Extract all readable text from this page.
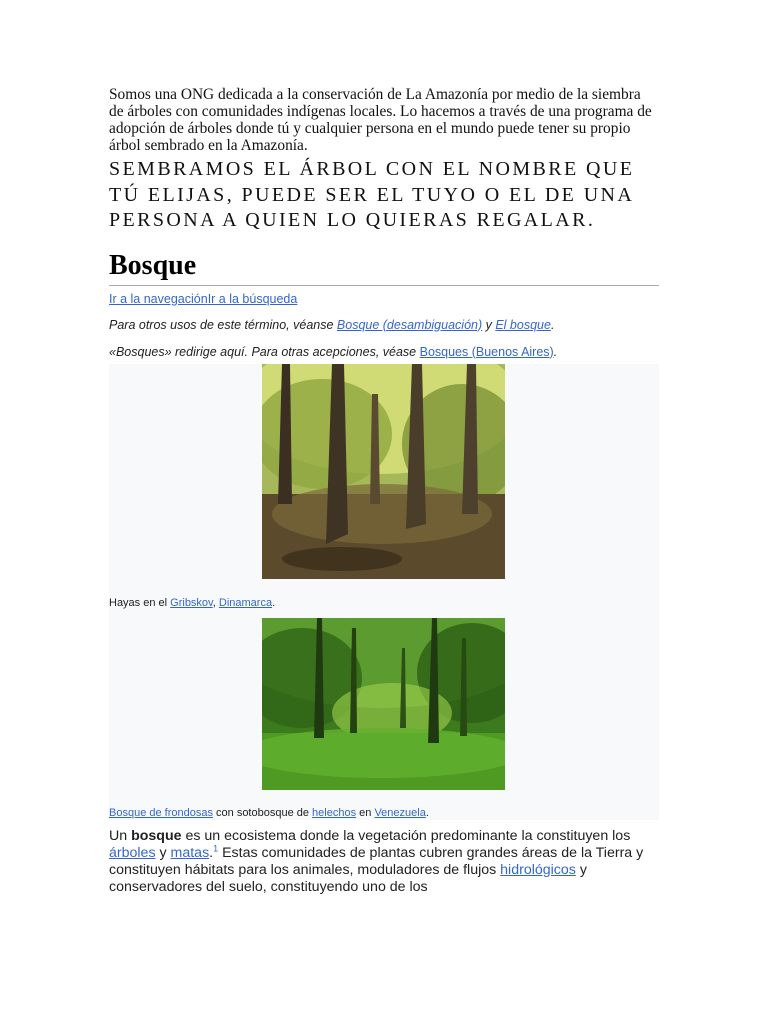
Somos una ONG dedicada a la conservación de La Amazonía por medio de la siembra de árboles con comunidades indígenas locales. Lo hacemos a través de una programa de adopción de árboles donde tú y cualquier persona en el mundo puede tener su propio árbol sembrado en la Amazonía.

SEMBRAMOS EL ÁRBOL CON EL NOMBRE QUE TÚ ELIJAS, PUEDE SER EL TUYO O EL DE UNA PERSONA A QUIEN LO QUIERAS REGALAR.

Bosque
Ir a la navegaciónIr a la búsqueda
Para otros usos de este término, véanse Bosque (desambiguación) y El bosque.
«Bosques» redirige aquí. Para otras acepciones, véase Bosques (Buenos Aires).
Hayas en el Gribskov, Dinamarca.
Bosque de frondosas con sotobosque de helechos en Venezuela.
Un bosque es un ecosistema donde la vegetación predominante la constituyen los árboles y matas.$^1$ Estas comunidades de plantas cubren grandes áreas de la Tierra y constituyen hábitats para los animales, moduladores de flujos hidrológicos y conservadores del suelo, constituyendo uno de los
